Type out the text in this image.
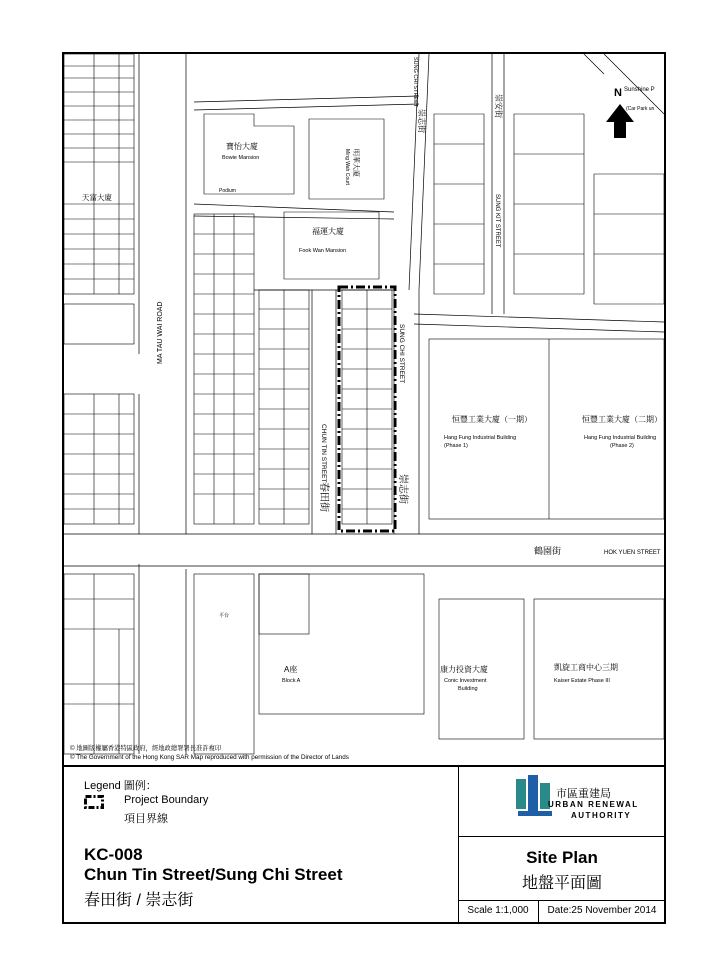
MA TAU WAI ROAD
CHUN TIN STREET
春田街
SUNG CHI STREET
崇志街
鶴園街	HOK YUEN STREET
SUNG KIT STREET
崇志街
崇安街
SUNG CHI STREET
寶怡大廈
Bowie Mansion	明華大廈
Ming Wah Court
福運大廈
Fook Wan Mansion
天富大廈
恒豐工業大廈（一期）
Hang Fung Industrial Building
(Phase 1)
恒豐工業大廈（二期）
Hang Fung Industrial Building
(Phase 2)
A座
Block A
康力投資大廈
Conic Investment
Building
凱旋工商中心三期
Kaiser Estate Phase III
Sunshine P
(Car Park un
Podium
平台
N
© 地圖版權屬香港特區政府，經地政總署署長准許複印
© The Government of the Hong Kong SAR Map reproduced with permission of the Director of Lands
Legend 圖例：
Project Boundary
項目界線
KC-008
Chun Tin Street/Sung Chi Street
春田街 / 崇志街
市區重建局
URBAN RENEWAL
AUTHORITY
Site Plan
地盤平面圖
Scale 1:1,000	Date:25 November 2014
